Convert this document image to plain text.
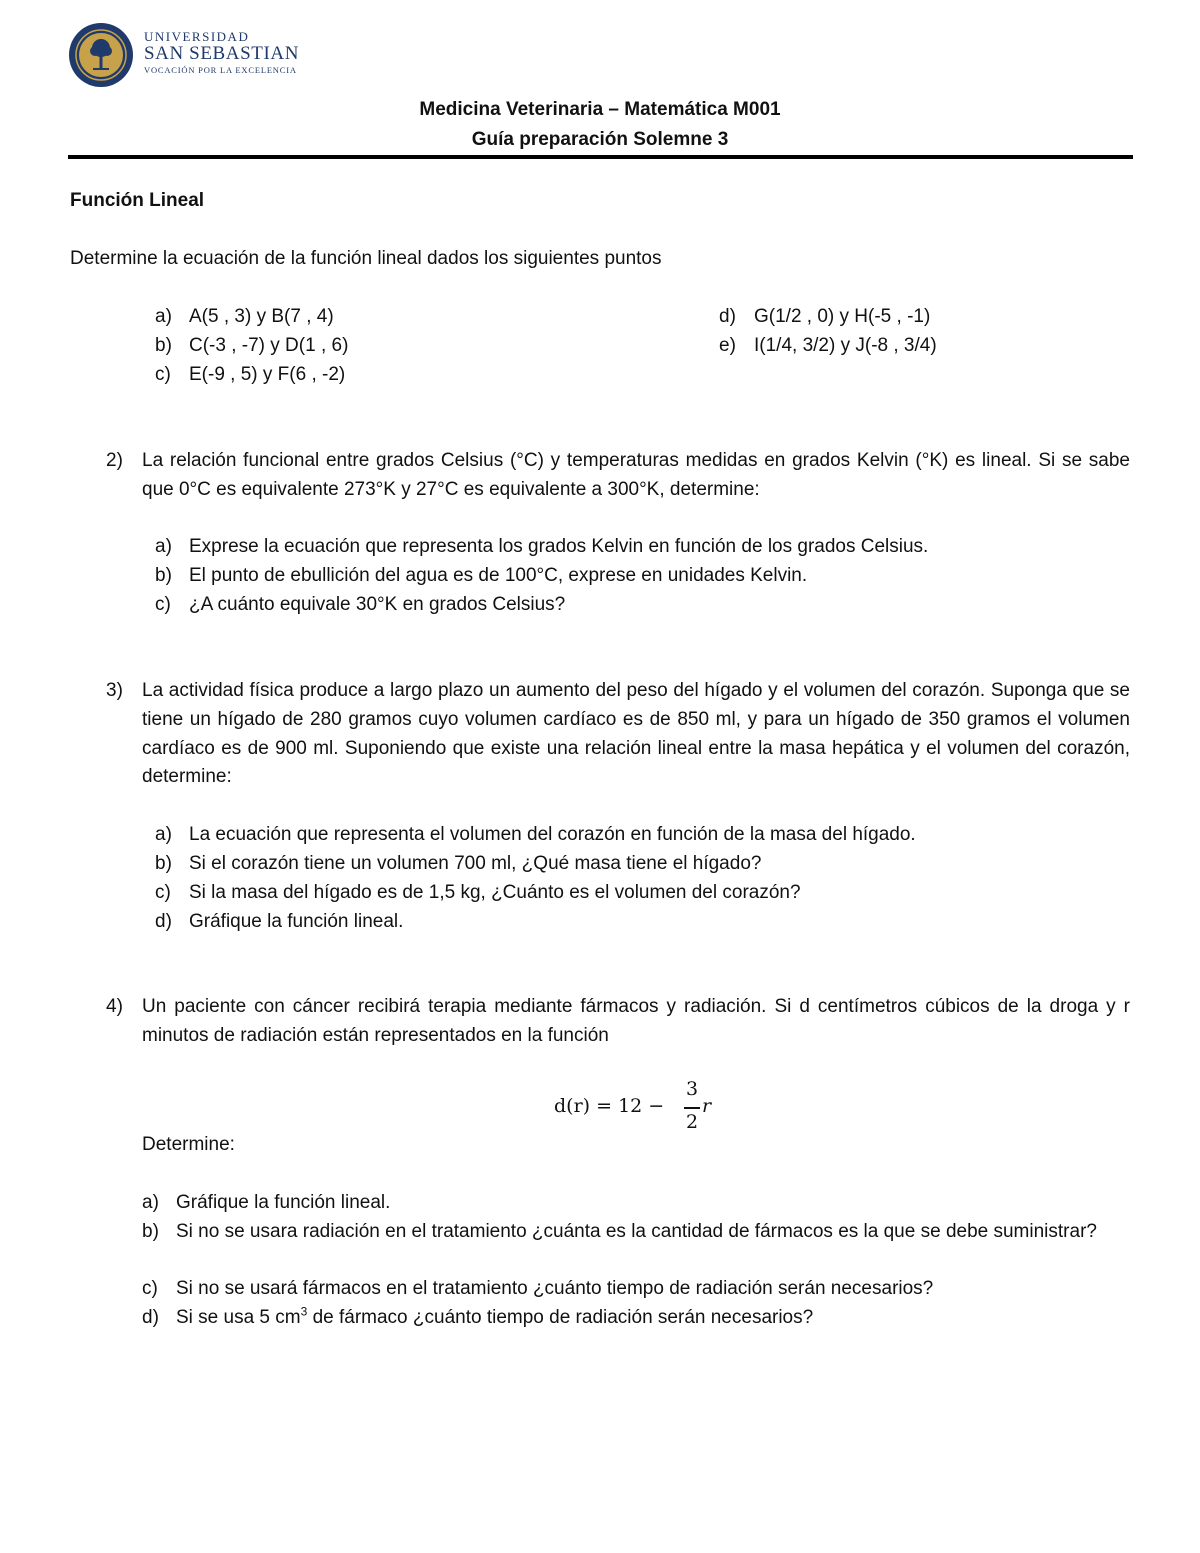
UNIVERSIDAD
SAN SEBASTIAN
VOCACIÓN POR LA EXCELENCIA
Medicina Veterinaria – Matemática M001
Guía preparación Solemne 3
Función Lineal
Determine la ecuación de la función lineal dados los siguientes puntos
a) A(5 , 3) y B(7 , 4)
b) C(-3 , -7) y D(1 , 6)
c) E(-9 , 5) y F(6 , -2)
d) G(1/2 , 0) y H(-5 , -1)
e) I(1/4, 3/2) y J(-8 , 3/4)
2) La relación funcional entre grados Celsius (°C) y temperaturas medidas en grados Kelvin (°K) es lineal. Si se sabe que 0°C es equivalente 273°K y 27°C es equivalente a 300°K, determine:
a) Exprese la ecuación que representa los grados Kelvin en función de los grados Celsius.
b) El punto de ebullición del agua es de 100°C, exprese en unidades Kelvin.
c) ¿A cuánto equivale 30°K en grados Celsius?
3) La actividad física produce a largo plazo un aumento del peso del hígado y el volumen del corazón. Suponga que se tiene un hígado de 280 gramos cuyo volumen cardíaco es de 850 ml, y para un hígado de 350 gramos el volumen cardíaco es de 900 ml. Suponiendo que existe una relación lineal entre la masa hepática y el volumen del corazón, determine:
a) La ecuación que representa el volumen del corazón en función de la masa del hígado.
b) Si el corazón tiene un volumen 700 ml, ¿Qué masa tiene el hígado?
c) Si la masa del hígado es de 1,5 kg, ¿Cuánto es el volumen del corazón?
d) Gráfique la función lineal.
4) Un paciente con cáncer recibirá terapia mediante fármacos y radiación. Si d centímetros cúbicos de la droga y r minutos de radiación están representados en la función
d(r) = 12 −
3
2
r
Determine:
a) Gráfique la función lineal.
b) Si no se usara radiación en el tratamiento ¿cuánta es la cantidad de fármacos es la que se debe suministrar?
c) Si no se usará fármacos en el tratamiento ¿cuánto tiempo de radiación serán necesarios?
d) Si se usa 5 $cm^3$ de fármaco ¿cuánto tiempo de radiación serán necesarios?
